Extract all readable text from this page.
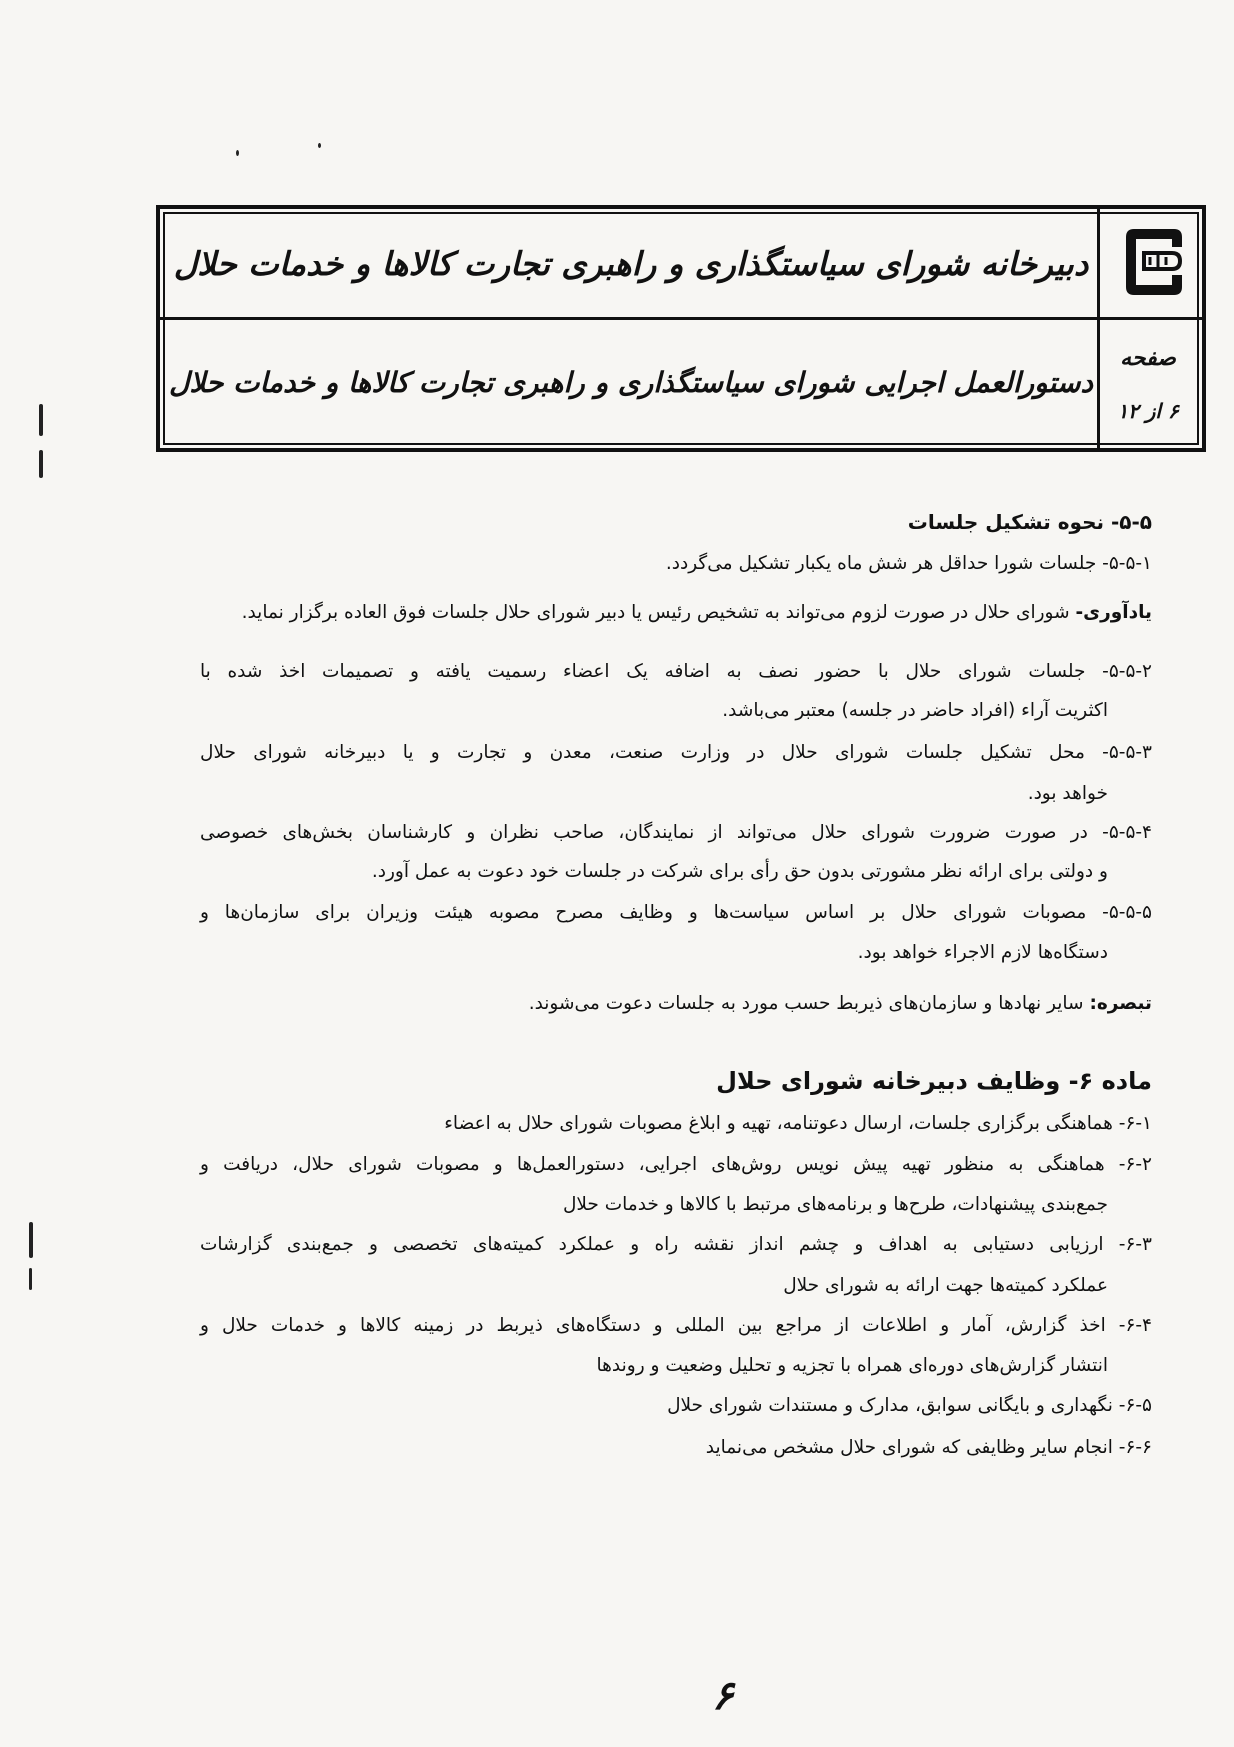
دبیرخانه شورای سیاستگذاری و راهبری تجارت کالاها و خدمات حلال
دستورالعمل اجرایی شورای سیاستگذاری و راهبری تجارت کالاها و خدمات حلال
صفحه
۶ از ۱۲
۵-۵- نحوه تشکیل جلسات
۵-۵-۱- جلسات شورا حداقل هر شش ماه یکبار تشکیل می‌گردد.
یادآوری- شورای حلال در صورت لزوم می‌تواند به تشخیص رئیس یا دبیر شورای حلال جلسات فوق العاده برگزار نماید.
۵-۵-۲- جلسات شورای حلال با حضور نصف به اضافه یک اعضاء رسمیت یافته و تصمیمات اخذ شده با
اکثریت آراء (افراد حاضر در جلسه) معتبر می‌باشد.
۵-۵-۳- محل تشکیل جلسات شورای حلال در وزارت صنعت، معدن و تجارت و یا دبیرخانه شورای حلال
خواهد بود.
۵-۵-۴- در صورت ضرورت شورای حلال می‌تواند از نمایندگان، صاحب نظران و کارشناسان بخش‌های خصوصی
و دولتی برای ارائه نظر مشورتی بدون حق رأی برای شرکت در جلسات خود دعوت به عمل آورد.
۵-۵-۵- مصوبات شورای حلال بر اساس سیاست‌ها و وظایف مصرح مصوبه هیئت وزیران برای سازمان‌ها و
دستگاه‌ها لازم الاجراء خواهد بود.
تبصره: سایر نهادها و سازمان‌های ذیربط حسب مورد به جلسات دعوت می‌شوند.
ماده ۶- وظایف دبیرخانه شورای حلال
۶-۱- هماهنگی برگزاری جلسات، ارسال دعوتنامه، تهیه و ابلاغ مصوبات شورای حلال به اعضاء
۶-۲- هماهنگی به منظور تهیه پیش نویس روش‌های اجرایی، دستورالعمل‌ها و مصوبات شورای حلال، دریافت و
جمع‌بندی پیشنهادات، طرح‌ها و برنامه‌های مرتبط با کالاها و خدمات حلال
۶-۳- ارزیابی دستیابی به اهداف و چشم انداز نقشه راه و عملکرد کمیته‌های تخصصی و جمع‌بندی گزارشات
عملکرد کمیته‌ها جهت ارائه به شورای حلال
۶-۴- اخذ گزارش، آمار و اطلاعات از مراجع بین المللی و دستگاه‌های ذیربط در زمینه کالاها و خدمات حلال و
انتشار گزارش‌های دوره‌ای همراه با تجزیه و تحلیل وضعیت و روندها
۶-۵- نگهداری و بایگانی سوابق، مدارک و مستندات شورای حلال
۶-۶- انجام سایر وظایفی که شورای حلال مشخص می‌نماید
۶
